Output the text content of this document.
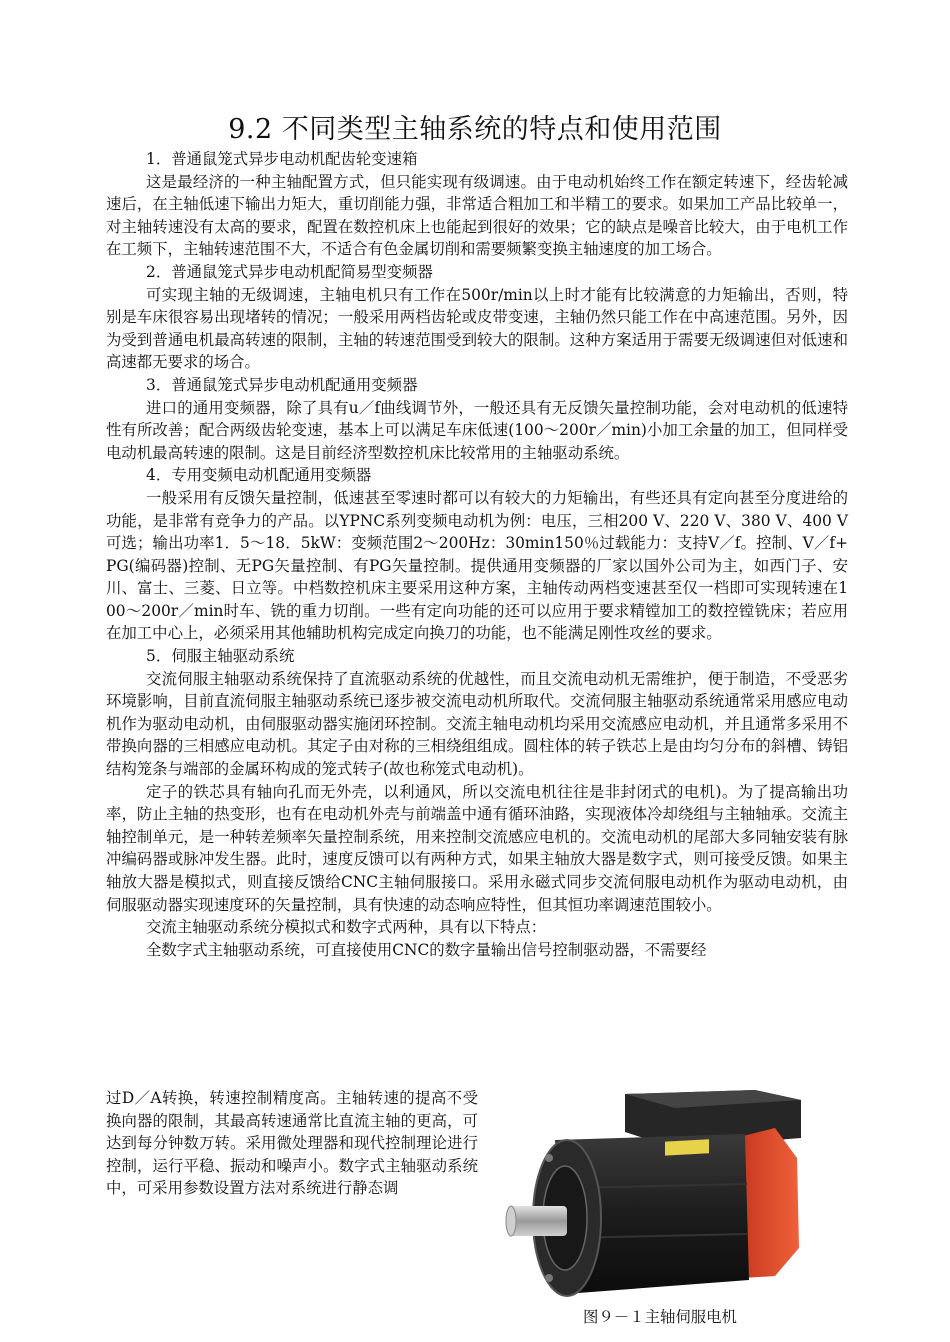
9.2 不同类型主轴系统的特点和使用范围

1．普通鼠笼式异步电动机配齿轮变速箱

这是最经济的一种主轴配置方式，但只能实现有级调速。由于电动机始终工作在额定转速下，经齿轮减速后，在主轴低速下输出力矩大，重切削能力强，非常适合粗加工和半精工的要求。如果加工产品比较单一，对主轴转速没有太高的要求，配置在数控机床上也能起到很好的效果；它的缺点是噪音比较大，由于电机工作在工频下，主轴转速范围不大，不适合有色金属切削和需要频繁变换主轴速度的加工场合。

2．普通鼠笼式异步电动机配简易型变频器

可实现主轴的无级调速，主轴电机只有工作在500r/min以上时才能有比较满意的力矩输出，否则，特别是车床很容易出现堵转的情况；一般采用两档齿轮或皮带变速，主轴仍然只能工作在中高速范围。另外，因为受到普通电机最高转速的限制，主轴的转速范围受到较大的限制。这种方案适用于需要无级调速但对低速和高速都无要求的场合。

3．普通鼠笼式异步电动机配通用变频器

进口的通用变频器，除了具有u／f曲线调节外，一般还具有无反馈矢量控制功能，会对电动机的低速特性有所改善；配合两级齿轮变速，基本上可以满足车床低速(100～200r／min)小加工余量的加工，但同样受电动机最高转速的限制。这是目前经济型数控机床比较常用的主轴驱动系统。

4．专用变频电动机配通用变频器

一般采用有反馈矢量控制，低速甚至零速时都可以有较大的力矩输出，有些还具有定向甚至分度进给的功能，是非常有竞争力的产品。以YPNC系列变频电动机为例：电压，三相200 V、220 V、380 V、400 V可选；输出功率1．5～18．5kW：变频范围2～200Hz：30min150％过载能力：支持V／f。控制、V／f+PG(编码器)控制、无PG矢量控制、有PG矢量控制。提供通用变频器的厂家以国外公司为主，如西门子、安川、富士、三菱、日立等。中档数控机床主要采用这种方案，主轴传动两档变速甚至仅一档即可实现转速在100～200r／min时车、铣的重力切削。一些有定向功能的还可以应用于要求精镗加工的数控镗铣床；若应用在加工中心上，必须采用其他辅助机构完成定向换刀的功能，也不能满足刚性攻丝的要求。

5．伺服主轴驱动系统

交流伺服主轴驱动系统保持了直流驱动系统的优越性，而且交流电动机无需维护，便于制造，不受恶劣环境影响，目前直流伺服主轴驱动系统已逐步被交流电动机所取代。交流伺服主轴驱动系统通常采用感应电动机作为驱动电动机，由伺服驱动器实施闭环控制。交流主轴电动机均采用交流感应电动机，并且通常多采用不带换向器的三相感应电动机。其定子由对称的三相绕组组成。圆柱体的转子铁芯上是由均匀分布的斜槽、铸铝结构笼条与端部的金属环构成的笼式转子(故也称笼式电动机)。

定子的铁芯具有轴向孔而无外壳，以利通风，所以交流电机往往是非封闭式的电机)。为了提高输出功率，防止主轴的热变形，也有在电动机外壳与前端盖中通有循环油路，实现液体冷却绕组与主轴轴承。交流主轴控制单元，是一种转差频率矢量控制系统，用来控制交流感应电机的。交流电动机的尾部大多同轴安装有脉冲编码器或脉冲发生器。此时，速度反馈可以有两种方式，如果主轴放大器是数字式，则可接受反馈。如果主轴放大器是模拟式，则直接反馈给CNC主轴伺服接口。采用永磁式同步交流伺服电动机作为驱动电动机，由伺服驱动器实现速度环的矢量控制，具有快速的动态响应特性，但其恒功率调速范围较小。

交流主轴驱动系统分模拟式和数字式两种，具有以下特点：

全数字式主轴驱动系统，可直接使用CNC的数字量输出信号控制驱动器，不需要经

过D／A转换，转速控制精度高。主轴转速的提高不受换向器的限制，其最高转速通常比直流主轴的更高，可达到每分钟数万转。采用微处理器和现代控制理论进行控制，运行平稳、振动和噪声小。数字式主轴驱动系统中，可采用参数设置方法对系统进行静态调
图９－１主轴伺服电机
